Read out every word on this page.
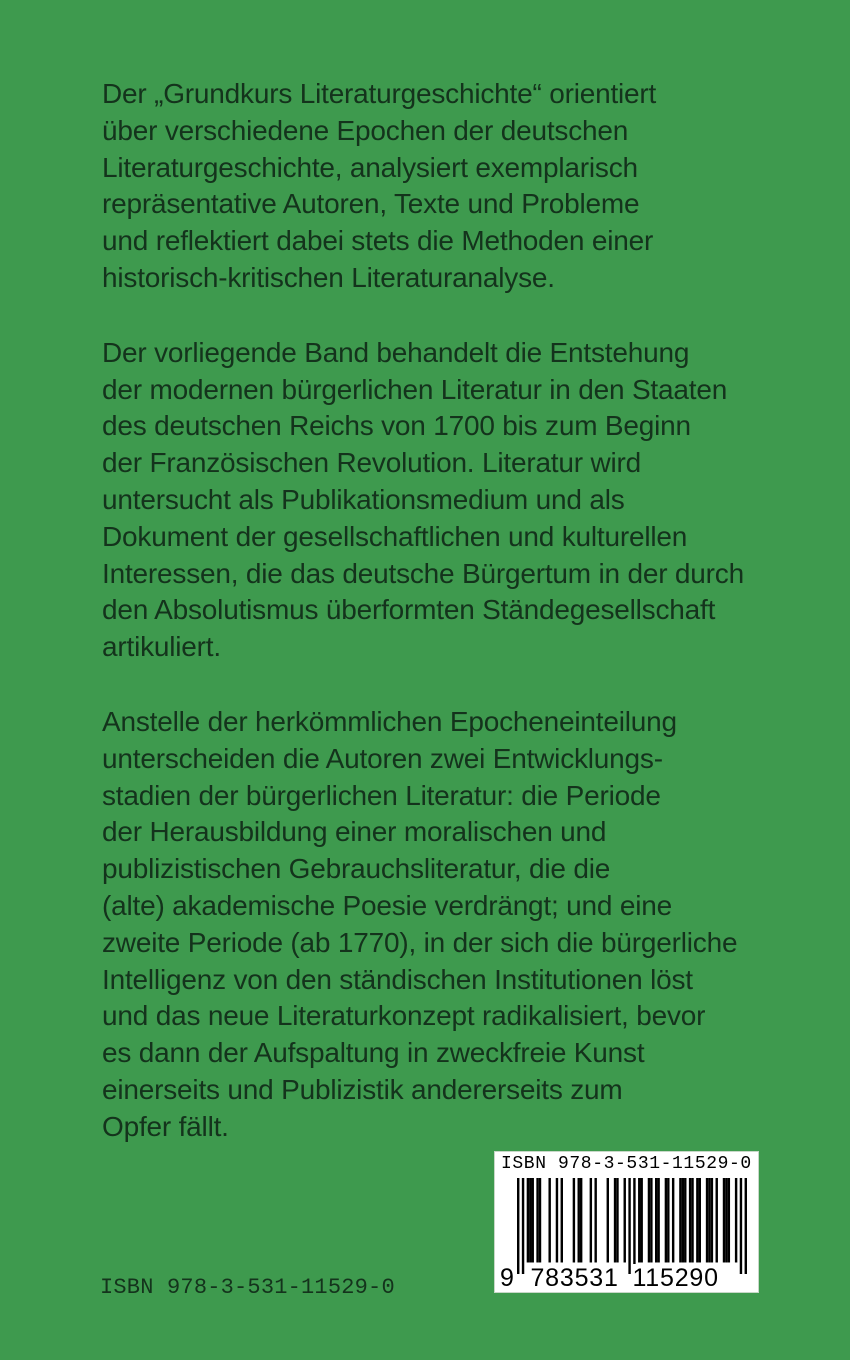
Der „Grundkurs Literaturgeschichte“ orientiert
über verschiedene Epochen der deutschen
Literaturgeschichte, analysiert exemplarisch
repräsentative Autoren, Texte und Probleme
und reflektiert dabei stets die Methoden einer
historisch-kritischen Literaturanalyse.

Der vorliegende Band behandelt die Entstehung
der modernen bürgerlichen Literatur in den Staaten
des deutschen Reichs von 1700 bis zum Beginn
der Französischen Revolution. Literatur wird
untersucht als Publikationsmedium und als
Dokument der gesellschaftlichen und kulturellen
Interessen, die das deutsche Bürgertum in der durch
den Absolutismus überformten Ständegesellschaft
artikuliert.

Anstelle der herkömmlichen Epocheneinteilung
unterscheiden die Autoren zwei Entwicklungs-
stadien der bürgerlichen Literatur: die Periode
der Herausbildung einer moralischen und
publizistischen Gebrauchsliteratur, die die
(alte) akademische Poesie verdrängt; und eine
zweite Periode (ab 1770), in der sich die bürgerliche
Intelligenz von den ständischen Institutionen löst
und das neue Literaturkonzept radikalisiert, bevor
es dann der Aufspaltung in zweckfreie Kunst
einerseits und Publizistik andererseits zum
Opfer fällt.

ISBN 978-3-531-11529-0
9 783531 115290
ISBN 978-3-531-11529-0
